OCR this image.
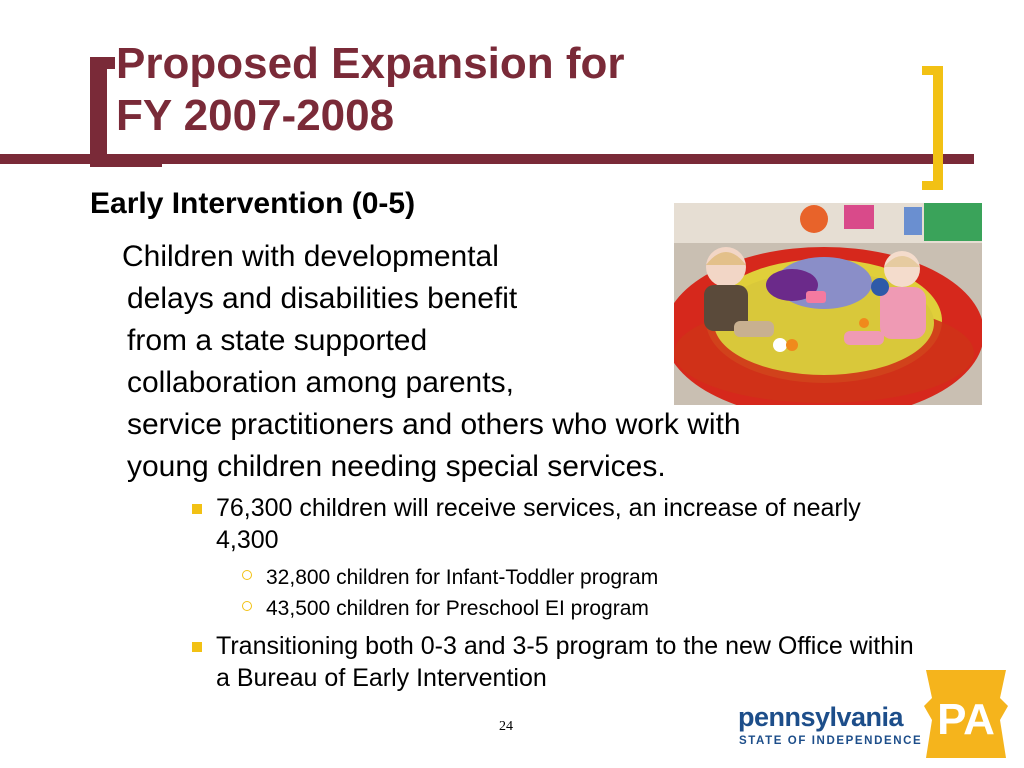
Proposed Expansion for
FY 2007-2008
Early Intervention (0-5)

Children with developmental
delays and disabilities benefit
from a state supported
collaboration among parents,
service practitioners and others who work with
young children needing special services.

76,300 children will receive services, an increase of nearly 4,300
32,800 children for Infant-Toddler program
43,500 children for Preschool EI program
Transitioning both 0-3 and 3-5 program to the new Office within a Bureau of Early Intervention
24	pennsylvania
STATE OF INDEPENDENCE PA
